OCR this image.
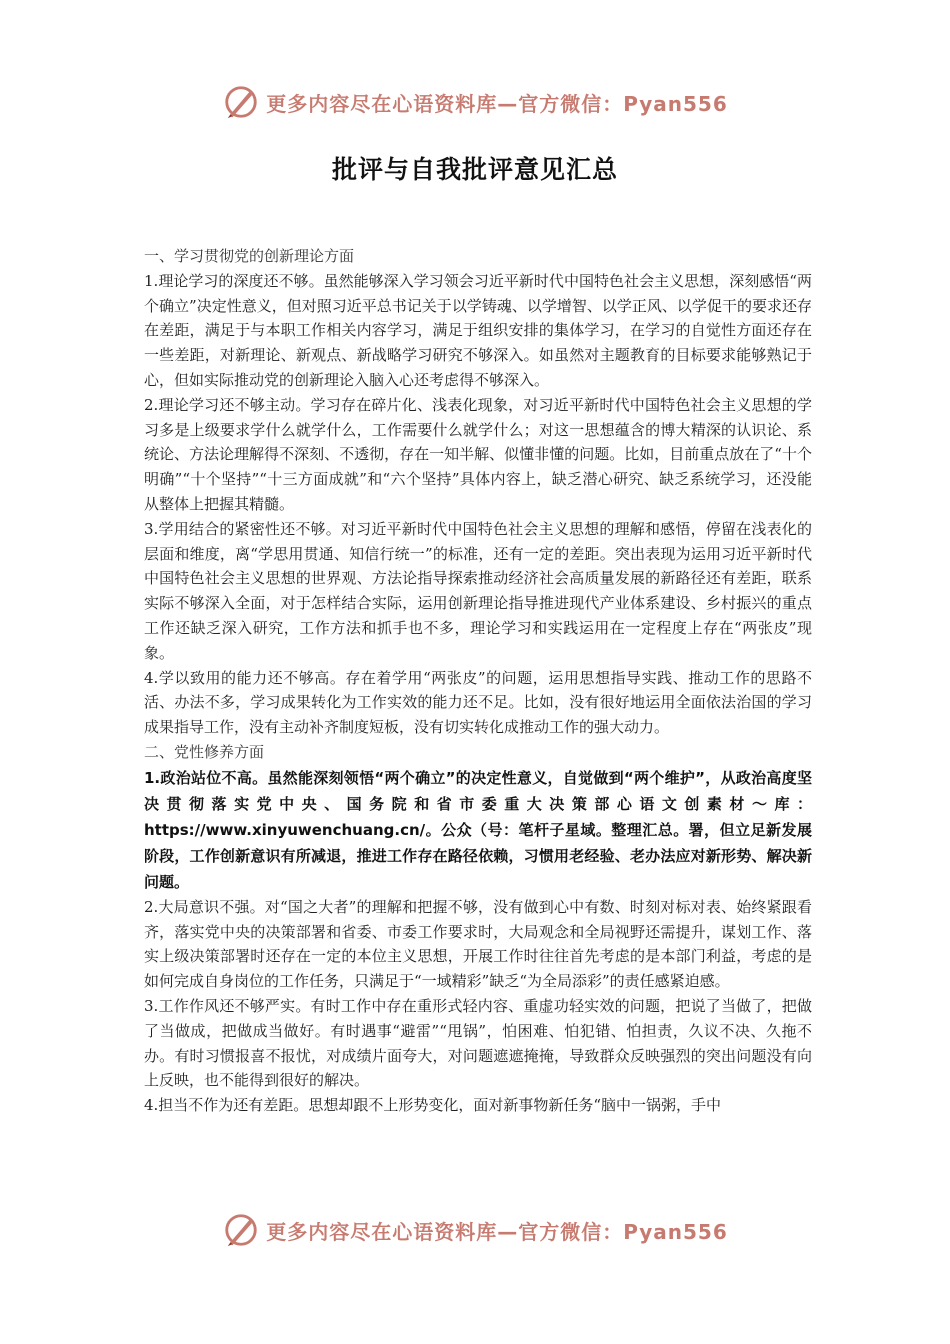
更多内容尽在心语资料库—官方微信：Pyan556
批评与自我批评意见汇总

一、学习贯彻党的创新理论方面

1.理论学习的深度还不够。虽然能够深入学习领会习近平新时代中国特色社会主义思想，深刻感悟“两个确立”决定性意义，但对照习近平总书记关于以学铸魂、以学增智、以学正风、以学促干的要求还存在差距，满足于与本职工作相关内容学习，满足于组织安排的集体学习，在学习的自觉性方面还存在一些差距，对新理论、新观点、新战略学习研究不够深入。如虽然对主题教育的目标要求能够熟记于心，但如实际推动党的创新理论入脑入心还考虑得不够深入。

2.理论学习还不够主动。学习存在碎片化、浅表化现象，对习近平新时代中国特色社会主义思想的学习多是上级要求学什么就学什么，工作需要什么就学什么；对这一思想蕴含的博大精深的认识论、系统论、方法论理解得不深刻、不透彻，存在一知半解、似懂非懂的问题。比如，目前重点放在了“十个明确”“十个坚持”“十三方面成就”和“六个坚持”具体内容上，缺乏潜心研究、缺乏系统学习，还没能从整体上把握其精髓。

3.学用结合的紧密性还不够。对习近平新时代中国特色社会主义思想的理解和感悟，停留在浅表化的层面和维度，离“学思用贯通、知信行统一”的标准，还有一定的差距。突出表现为运用习近平新时代中国特色社会主义思想的世界观、方法论指导探索推动经济社会高质量发展的新路径还有差距，联系实际不够深入全面，对于怎样结合实际，运用创新理论指导推进现代产业体系建设、乡村振兴的重点工作还缺乏深入研究，工作方法和抓手也不多，理论学习和实践运用在一定程度上存在“两张皮”现象。

4.学以致用的能力还不够高。存在着学用“两张皮”的问题，运用思想指导实践、推动工作的思路不活、办法不多，学习成果转化为工作实效的能力还不足。比如，没有很好地运用全面依法治国的学习成果指导工作，没有主动补齐制度短板，没有切实转化成推动工作的强大动力。

二、党性修养方面

1.政治站位不高。虽然能深刻领悟“两个确立”的决定性意义，自觉做到“两个维护”，从政治高度坚决贯彻落实党中央、国务院和省市委重大决策部心语文创素材～库：https://www.xinyuwenchuang.cn/。公众（号：笔杆子星域。整理汇总。署，但立足新发展阶段，工作创新意识有所减退，推进工作存在路径依赖，习惯用老经验、老办法应对新形势、解决新问题。

2.大局意识不强。对“国之大者”的理解和把握不够，没有做到心中有数、时刻对标对表、始终紧跟看齐，落实党中央的决策部署和省委、市委工作要求时，大局观念和全局视野还需提升，谋划工作、落实上级决策部署时还存在一定的本位主义思想，开展工作时往往首先考虑的是本部门利益，考虑的是如何完成自身岗位的工作任务，只满足于“一域精彩”缺乏“为全局添彩”的责任感紧迫感。

3.工作作风还不够严实。有时工作中存在重形式轻内容、重虚功轻实效的问题，把说了当做了，把做了当做成，把做成当做好。有时遇事“避雷”“甩锅”，怕困难、怕犯错、怕担责，久议不决、久拖不办。有时习惯报喜不报忧，对成绩片面夸大，对问题遮遮掩掩，导致群众反映强烈的突出问题没有向上反映，也不能得到很好的解决。

4.担当不作为还有差距。思想却跟不上形势变化，面对新事物新任务“脑中一锅粥，手中

更多内容尽在心语资料库—官方微信：Pyan556
